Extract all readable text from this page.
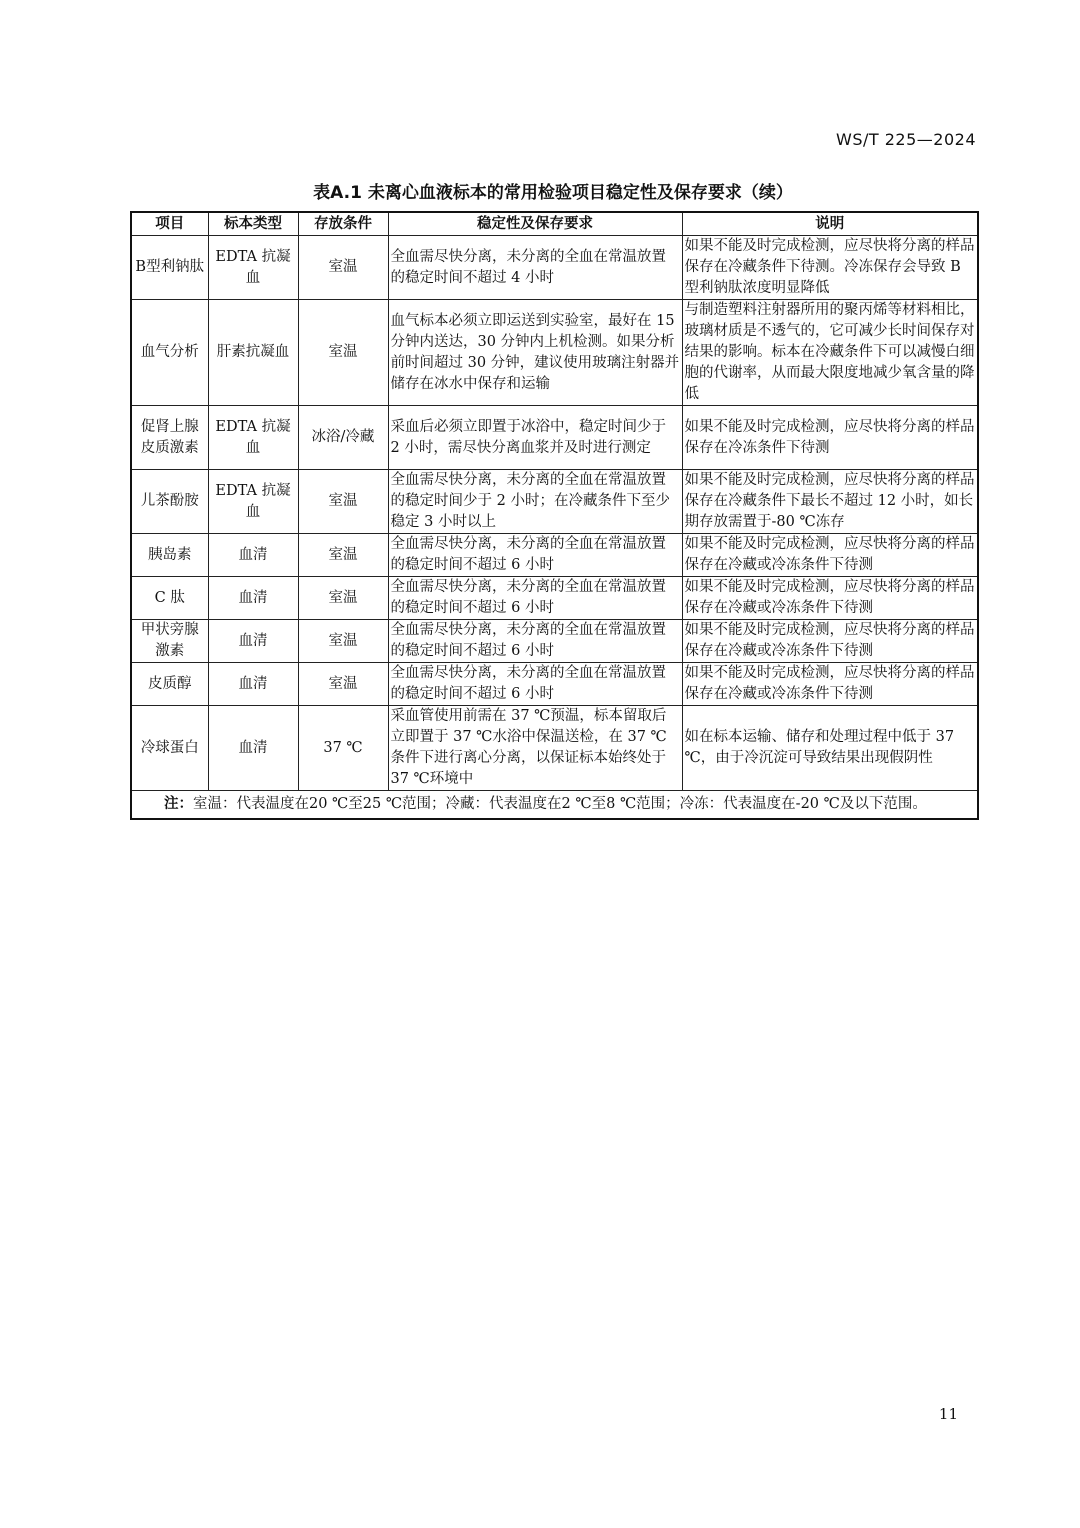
WS/T 225—2024
表A.1 未离心血液标本的常用检验项目稳定性及保存要求（续）
项目	标本类型	存放条件	稳定性及保存要求	说明
B型利钠肽	EDTA 抗凝血	室温	全血需尽快分离，未分离的全血在常温放置的稳定时间不超过 4 小时	如果不能及时完成检测，应尽快将分离的样品保存在冷藏条件下待测。冷冻保存会导致 B 型利钠肽浓度明显降低
血气分析	肝素抗凝血	室温	血气标本必须立即运送到实验室，最好在 15 分钟内送达，30 分钟内上机检测。如果分析前时间超过 30 分钟，建议使用玻璃注射器并储存在冰水中保存和运输	与制造塑料注射器所用的聚丙烯等材料相比，玻璃材质是不透气的，它可减少长时间保存对结果的影响。标本在冷藏条件下可以减慢白细胞的代谢率，从而最大限度地减少氧含量的降低
促肾上腺皮质激素	EDTA 抗凝血	冰浴/冷藏	采血后必须立即置于冰浴中，稳定时间少于 2 小时，需尽快分离血浆并及时进行测定	如果不能及时完成检测，应尽快将分离的样品保存在冷冻条件下待测
儿茶酚胺	EDTA 抗凝血	室温	全血需尽快分离，未分离的全血在常温放置的稳定时间少于 2 小时；在冷藏条件下至少稳定 3 小时以上	如果不能及时完成检测，应尽快将分离的样品保存在冷藏条件下最长不超过 12 小时，如长期存放需置于-80 ℃冻存
胰岛素	血清	室温	全血需尽快分离，未分离的全血在常温放置的稳定时间不超过 6 小时	如果不能及时完成检测，应尽快将分离的样品保存在冷藏或冷冻条件下待测
C 肽	血清	室温	全血需尽快分离，未分离的全血在常温放置的稳定时间不超过 6 小时	如果不能及时完成检测，应尽快将分离的样品保存在冷藏或冷冻条件下待测
甲状旁腺激素	血清	室温	全血需尽快分离，未分离的全血在常温放置的稳定时间不超过 6 小时	如果不能及时完成检测，应尽快将分离的样品保存在冷藏或冷冻条件下待测
皮质醇	血清	室温	全血需尽快分离，未分离的全血在常温放置的稳定时间不超过 6 小时	如果不能及时完成检测，应尽快将分离的样品保存在冷藏或冷冻条件下待测
冷球蛋白	血清	37 ℃	采血管使用前需在 37 ℃预温，标本留取后立即置于 37 ℃水浴中保温送检，在 37 ℃条件下进行离心分离，以保证标本始终处于 37 ℃环境中	如在标本运输、储存和处理过程中低于 37 ℃，由于冷沉淀可导致结果出现假阴性
注：室温：代表温度在20 ℃至25 ℃范围；冷藏：代表温度在2 ℃至8 ℃范围；冷冻：代表温度在-20 ℃及以下范围。				
11
